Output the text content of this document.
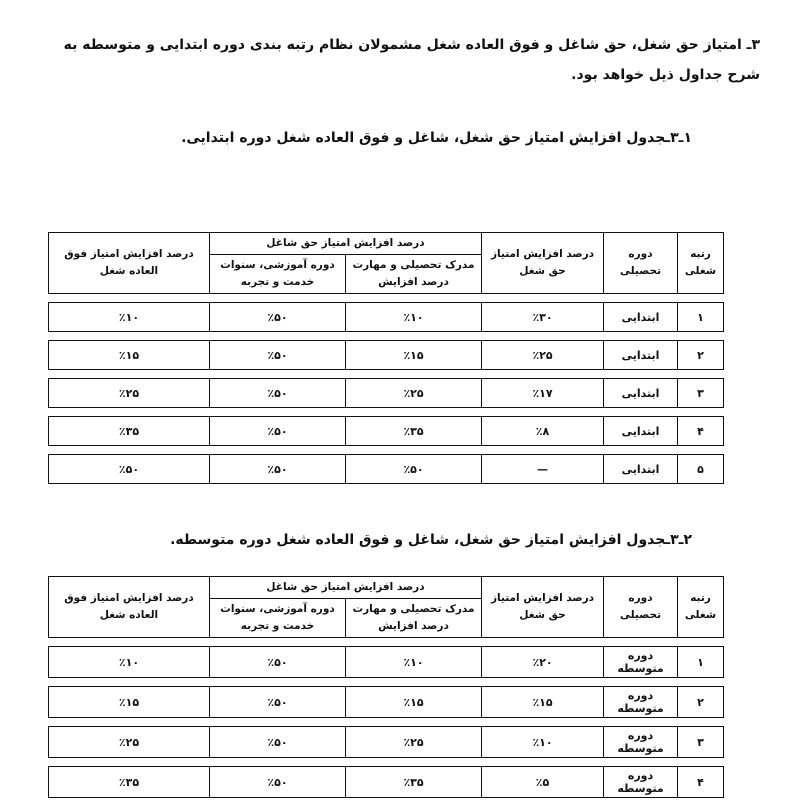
۳ـ امتیاز حق شغل، حق شاغل و فوق العاده شغل مشمولان نظام رتبه بندی دوره ابتدایی و متوسطه به شرح جداول ذیل خواهد بود.
۱ـ۳ـجدول افزایش امتیاز حق شغل، شاغل و فوق العاده شغل دوره ابتدایی.
رتبه شغلی	دوره تحصیلی	درصد افزایش امتیاز حق شغل	درصد افزایش امتیاز حق شاغل		درصد افزایش امتیاز فوق العاده شغل
			مدرک تحصیلی و مهارت درصد افزایش	دوره آموزشی، سنوات خدمت و تجربه	

۱	ابتدایی	٪۳۰	٪۱۰	٪۵۰	٪۱۰

۲	ابتدایی	٪۲۵	٪۱۵	٪۵۰	٪۱۵

۳	ابتدایی	٪۱۷	٪۲۵	٪۵۰	٪۲۵

۴	ابتدایی	٪۸	٪۳۵	٪۵۰	٪۳۵

۵	ابتدایی	—	٪۵۰	٪۵۰	٪۵۰
۲ـ۳ـجدول افزایش امتیاز حق شغل، شاغل و فوق العاده شغل دوره متوسطه.
رتبه شغلی	دوره تحصیلی	درصد افزایش امتیاز حق شغل	درصد افزایش امتیاز حق شاغل		درصد افزایش امتیاز فوق العاده شغل
			مدرک تحصیلی و مهارت درصد افزایش	دوره آموزشی، سنوات خدمت و تجربه	

۱	دوره متوسطه	٪۲۰	٪۱۰	٪۵۰	٪۱۰

۲	دوره متوسطه	٪۱۵	٪۱۵	٪۵۰	٪۱۵

۳	دوره متوسطه	٪۱۰	٪۲۵	٪۵۰	٪۲۵

۴	دوره متوسطه	٪۵	٪۳۵	٪۵۰	٪۳۵
